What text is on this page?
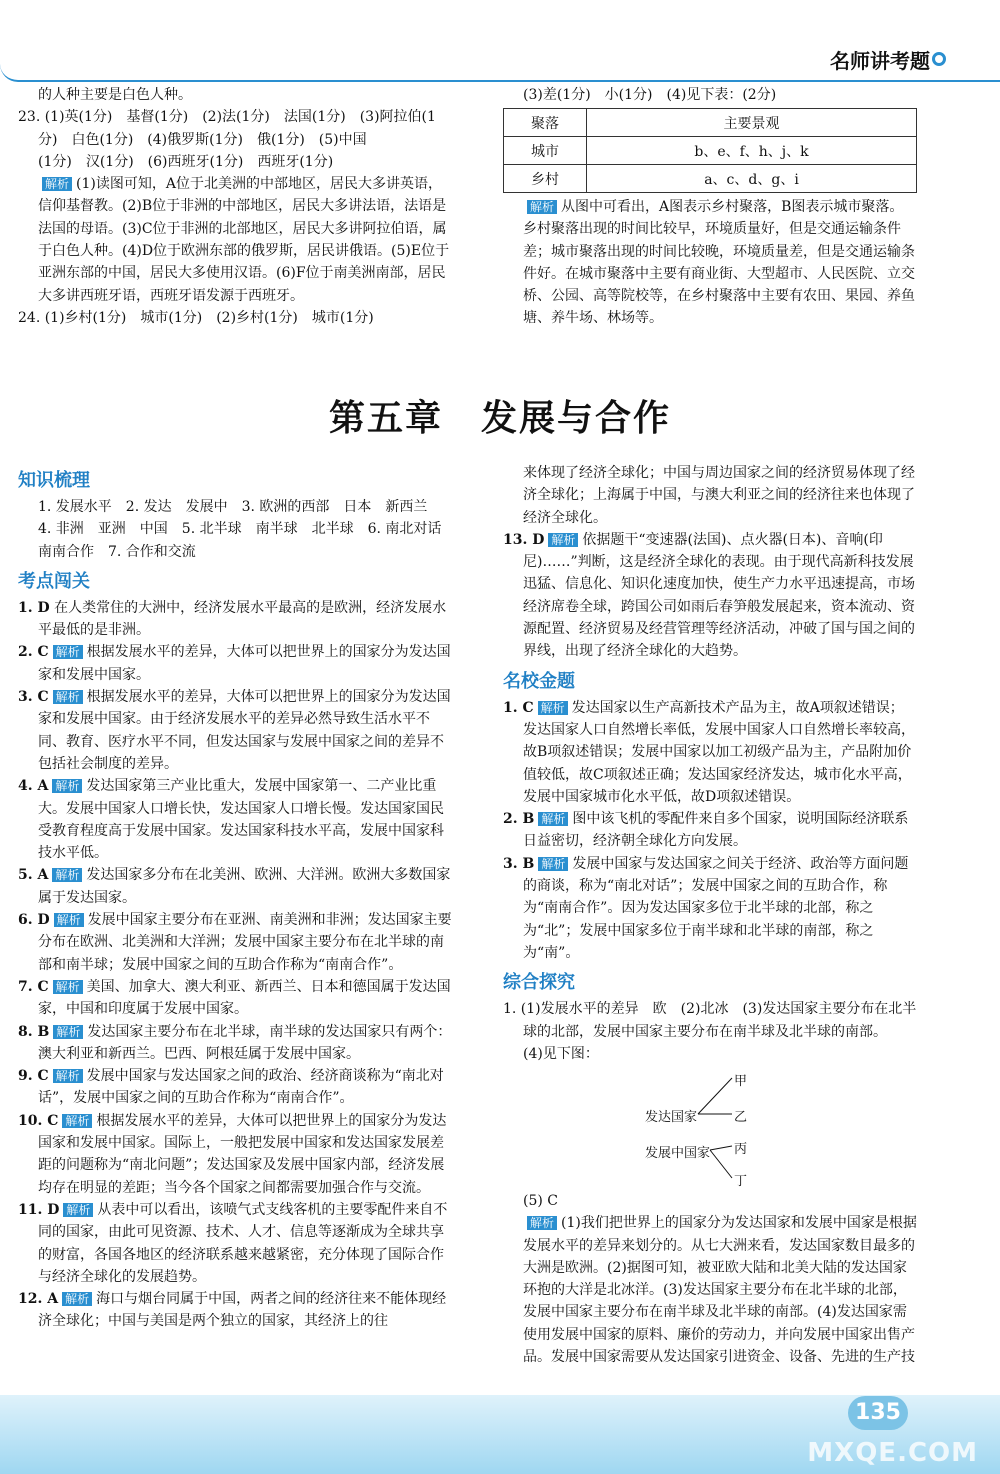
名师讲考题

的人种主要是白色人种。

23. (1)英(1分)　基督(1分)　(2)法(1分)　法国(1分)　(3)阿拉伯(1分)　白色(1分)　(4)俄罗斯(1分)　俄(1分)　(5)中国

(1分)　汉(1分)　(6)西班牙(1分)　西班牙(1分)

解析 (1)读图可知，A位于北美洲的中部地区，居民大多讲英语，信仰基督教。(2)B位于非洲的中部地区，居民大多讲法语，法语是法国的母语。(3)C位于非洲的北部地区，居民大多讲阿拉伯语，属于白色人种。(4)D位于欧洲东部的俄罗斯，居民讲俄语。(5)E位于亚洲东部的中国，居民大多使用汉语。(6)F位于南美洲南部，居民大多讲西班牙语，西班牙语发源于西班牙。

24. (1)乡村(1分)　城市(1分)　(2)乡村(1分)　城市(1分)

(3)差(1分)　小(1分)　(4)见下表：(2分)

聚落	主要景观
城市	b、e、f、h、j、k
乡村	a、c、d、g、i

解析 从图中可看出，A图表示乡村聚落，B图表示城市聚落。乡村聚落出现的时间比较早，环境质量好，但是交通运输条件差；城市聚落出现的时间比较晚，环境质量差，但是交通运输条件好。在城市聚落中主要有商业街、大型超市、人民医院、立交桥、公园、高等院校等，在乡村聚落中主要有农田、果园、养鱼塘、养牛场、林场等。

第五章　发展与合作
知识梳理

1. 发展水平　2. 发达　发展中　3. 欧洲的西部　日本　新西兰

4. 非洲　亚洲　中国　5. 北半球　南半球　北半球　6. 南北对话　南南合作　7. 合作和交流

考点闯关

1. D 在人类常住的大洲中，经济发展水平最高的是欧洲，经济发展水平最低的是非洲。

2. C 解析 根据发展水平的差异，大体可以把世界上的国家分为发达国家和发展中国家。

3. C 解析 根据发展水平的差异，大体可以把世界上的国家分为发达国家和发展中国家。由于经济发展水平的差异必然导致生活水平不同、教育、医疗水平不同，但发达国家与发展中国家之间的差异不包括社会制度的差异。

4. A 解析 发达国家第三产业比重大，发展中国家第一、二产业比重大。发展中国家人口增长快，发达国家人口增长慢。发达国家国民受教育程度高于发展中国家。发达国家科技水平高，发展中国家科技水平低。

5. A 解析 发达国家多分布在北美洲、欧洲、大洋洲。欧洲大多数国家属于发达国家。

6. D 解析 发展中国家主要分布在亚洲、南美洲和非洲；发达国家主要分布在欧洲、北美洲和大洋洲；发展中国家主要分布在北半球的南部和南半球；发展中国家之间的互助合作称为“南南合作”。

7. C 解析 美国、加拿大、澳大利亚、新西兰、日本和德国属于发达国家，中国和印度属于发展中国家。

8. B 解析 发达国家主要分布在北半球，南半球的发达国家只有两个：澳大利亚和新西兰。巴西、阿根廷属于发展中国家。

9. C 解析 发展中国家与发达国家之间的政治、经济商谈称为“南北对话”，发展中国家之间的互助合作称为“南南合作”。

10. C 解析 根据发展水平的差异，大体可以把世界上的国家分为发达国家和发展中国家。国际上，一般把发展中国家和发达国家发展差距的问题称为“南北问题”；发达国家及发展中国家内部，经济发展均存在明显的差距；当今各个国家之间都需要加强合作与交流。

11. D 解析 从表中可以看出，该喷气式支线客机的主要零配件来自不同的国家，由此可见资源、技术、人才、信息等逐渐成为全球共享的财富，各国各地区的经济联系越来越紧密，充分体现了国际合作与经济全球化的发展趋势。

12. A 解析 海口与烟台同属于中国，两者之间的经济往来不能体现经济全球化；中国与美国是两个独立的国家，其经济上的往

来体现了经济全球化；中国与周边国家之间的经济贸易体现了经济全球化；上海属于中国，与澳大利亚之间的经济往来也体现了经济全球化。

13. D 解析 依据题干“变速器(法国)、点火器(日本)、音响(印尼)……”判断，这是经济全球化的表现。由于现代高新科技发展迅猛、信息化、知识化速度加快，使生产力水平迅速提高，市场经济席卷全球，跨国公司如雨后春笋般发展起来，资本流动、资源配置、经济贸易及经营管理等经济活动，冲破了国与国之间的界线，出现了经济全球化的大趋势。

名校金题

1. C 解析 发达国家以生产高新技术产品为主，故A项叙述错误；发达国家人口自然增长率低，发展中国家人口自然增长率较高，故B项叙述错误；发展中国家以加工初级产品为主，产品附加价值较低，故C项叙述正确；发达国家经济发达，城市化水平高，发展中国家城市化水平低，故D项叙述错误。

2. B 解析 图中该飞机的零配件来自多个国家，说明国际经济联系日益密切，经济朝全球化方向发展。

3. B 解析 发展中国家与发达国家之间关于经济、政治等方面问题的商谈，称为“南北对话”；发展中国家之间的互助合作，称为“南南合作”。因为发达国家多位于北半球的北部，称之为“北”；发展中国家多位于南半球和北半球的南部，称之为“南”。

综合探究

1. (1)发展水平的差异　欧　(2)北冰　(3)发达国家主要分布在北半球的北部，发展中国家主要分布在南半球及北半球的南部。

(4)见下图：

发达国家
发展中国家
甲
乙
丙
丁

(5) C

解析 (1)我们把世界上的国家分为发达国家和发展中国家是根据发展水平的差异来划分的。从七大洲来看，发达国家数目最多的大洲是欧洲。(2)据图可知，被亚欧大陆和北美大陆的发达国家环抱的大洋是北冰洋。(3)发达国家主要分布在北半球的北部，发展中国家主要分布在南半球及北半球的南部。(4)发达国家需使用发展中国家的原料、廉价的劳动力，并向发展中国家出售产品。发展中国家需要从发达国家引进资金、设备、先进的生产技

135
MXQE.COM
